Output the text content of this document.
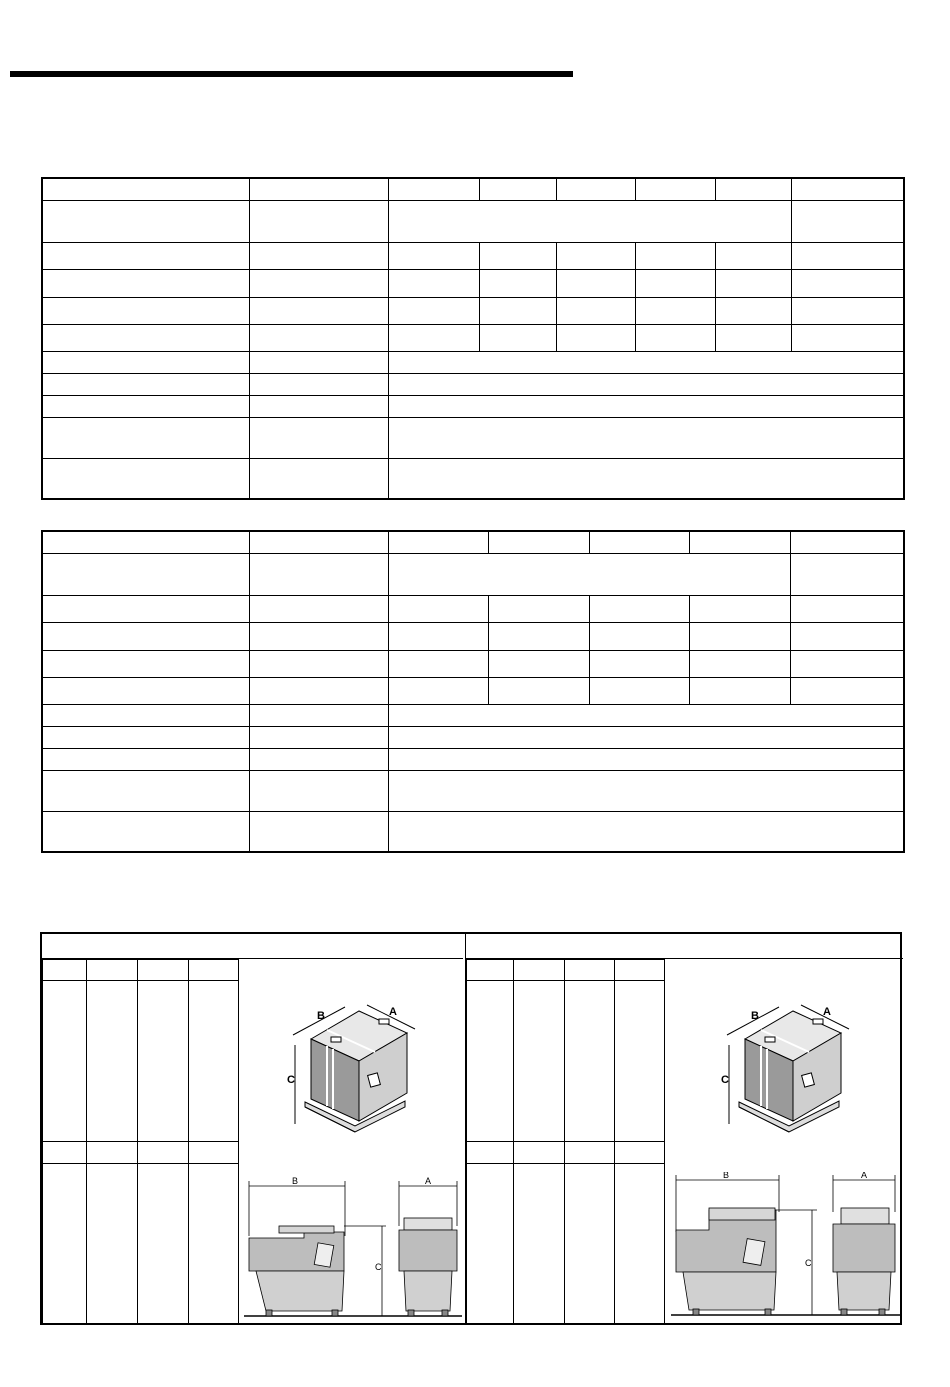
B	A
C
B	A
C

B	A
C
B	A
C
